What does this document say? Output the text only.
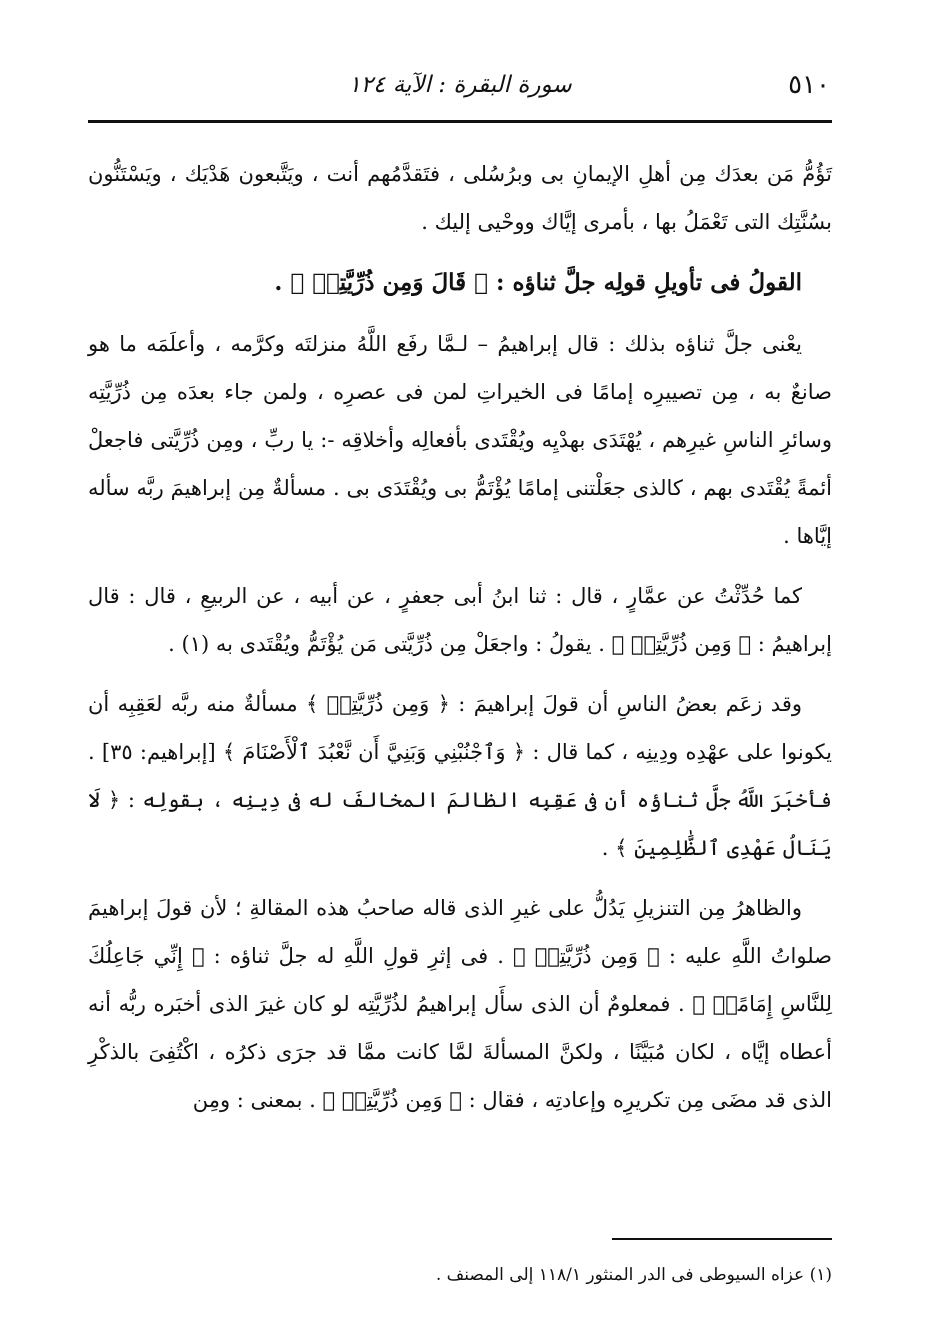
٥١٠
سورة البقرة : الآية ١٢٤

تَؤُمُّ مَن بعدَك مِن أهلِ الإيمانِ بى وبرُسُلى ، فتَقدَّمُهم أنت ، ويَتَّبعون هَدْيَك ، ويَسْتَنُّون بسُنَّتِك التى تَعْمَلُ بها ، بأمرى إيَّاك ووحْيى إليك .

القولُ فى تأويلِ قولِه جلَّ ثناؤه : ﴿ قَالَ وَمِن ذُرِّيَّتِيۖ ﴾ .

يعْنى جلَّ ثناؤه بذلك : قال إبراهيمُ – لـمَّا رفَع اللَّهُ منزلتَه وكرَّمه ، وأعلَمَه ما هو صانعٌ به ، مِن تصييرِه إمامًا فى الخيراتِ لمن فى عصرِه ، ولمن جاء بعدَه مِن ذُرِّيَّتِه وسائرِ الناسِ غيرِهم ، يُهْتَدَى بهدْيِه ويُقْتَدى بأفعالِه وأخلاقِه -: يا ربِّ ، ومِن ذُرِّيَّتى فاجعلْ أئمةً يُقْتَدى بهم ، كالذى جعَلْتنى إمامًا يُؤْتَمُّ بى ويُقْتَدَى بى . مسألةٌ مِن إبراهيمَ ربَّه سأله إيَّاها .

كما حُدِّثْتُ عن عمَّارٍ ، قال : ثنا ابنُ أبى جعفرٍ ، عن أبيه ، عن الربيعِ ، قال : قال إبراهيمُ : ﴿ وَمِن ذُرِّيَّتِيۖ ﴾ . يقولُ : واجعَلْ مِن ذُرِّيَّتى مَن يُؤْتَمُّ ويُقْتَدى به (١) .

وقد زعَم بعضُ الناسِ أن قولَ إبراهيمَ : ﴿ وَمِن ذُرِّيَّتِيۖ ﴾ مسألةٌ منه ربَّه لعَقِبِه أن يكونوا على عهْدِه ودِينِه ، كما قال : ﴿ وَٱجْنُبْنِي وَبَنِيَّ أَن نَّعْبُدَ ٱلْأَصْنَامَ ﴾ [إبراهيم: ٣٥] . فأخبَرَ اللَّهُ جلَّ ثناؤه أن فى عَقِبِه الظالمَ المخالفَ له فى دِينِه ، بقولِه : ﴿ لَا يَنَالُ عَهْدِى ٱلظَّٰلِمِينَ ﴾ .

والظاهرُ مِن التنزيلِ يَدُلُّ على غيرِ الذى قاله صاحبُ هذه المقالةِ ؛ لأن قولَ إبراهيمَ صلواتُ اللَّهِ عليه : ﴿ وَمِن ذُرِّيَّتِيۖ ﴾ . فى إثرِ قولِ اللَّهِ له جلَّ ثناؤه : ﴿ إِنِّي جَاعِلُكَ لِلنَّاسِ إِمَامًاۖ ﴾ . فمعلومٌ أن الذى سأَل إبراهيمُ لذُرِّيَّتِه لو كان غيرَ الذى أخبَره ربُّه أنه أعطاه إيَّاه ، لكان مُبَيَّنًا ، ولكنَّ المسألةَ لمَّا كانت ممَّا قد جرَى ذكرُه ، اكْتُفِىَ بالذكْرِ الذى قد مضَى مِن تكريرِه وإعادتِه ، فقال : ﴿ وَمِن ذُرِّيَّتِيۖ ﴾ . بمعنى : ومِن

(١) عزاه السيوطى فى الدر المنثور ١١٨/١ إلى المصنف .
